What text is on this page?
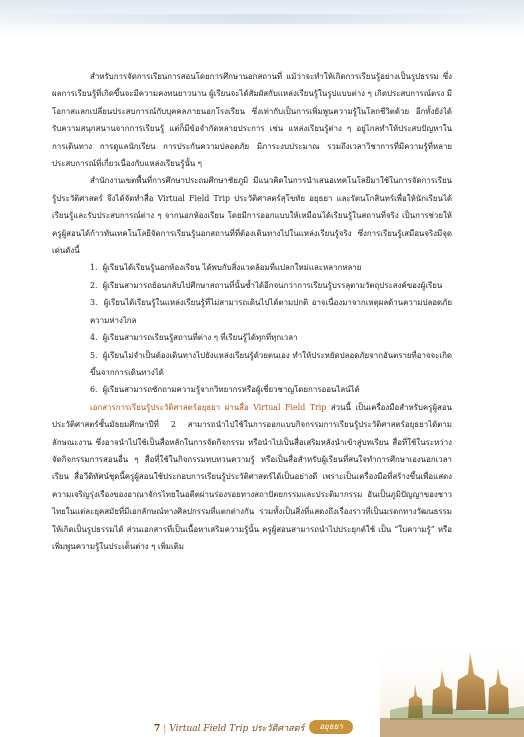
สำหรับการจัดการเรียนการสอนโดยการศึกษานอกสถานที่ แม้ว่าจะทำให้เกิดการเรียนรู้อย่างเป็นรูปธรรม ซึ่งผลการเรียนรู้ที่เกิดขึ้นจะมีความคงทนยาวนาน ผู้เรียนจะได้สัมผัสกับแหล่งเรียนรู้ในรูปแบบต่าง ๆ เกิดประสบการณ์ตรง มีโอกาสแลกเปลี่ยนประสบการณ์กับบุคคลภายนอกโรงเรียน ซึ่งเท่ากับเป็นการเพิ่มพูนความรู้ในโลกชีวิตด้วย อีกทั้งยังได้รับความสนุกสนานจากการเรียนรู้ แต่ก็มีข้อจำกัดหลายประการ เช่น แหล่งเรียนรู้ต่าง ๆ อยู่ไกลทำให้ประสบปัญหาในการเดินทาง การดูแลนักเรียน การประกันความปลอดภัย มีภาระงบประมาณ รวมถึงเวลาวิชาการที่มีความรู้ที่หลายประสบการณ์ที่เกี่ยวเนื่องกับแหล่งเรียนรู้นั้น ๆ

สำนักงานเขตพื้นที่การศึกษาประถมศึกษาชัยภูมิ มีแนวคิดในการนำเสนอเทคโนโลยีมาใช้ในการจัดการเรียนรู้ประวัติศาสตร์ จึงได้จัดทำสื่อ Virtual Field Trip ประวัติศาสตร์สุโขทัย อยุธยา และรัตนโกสินทร์เพื่อให้นักเรียนได้เรียนรู้และรับประสบการณ์ต่าง ๆ จากนอกห้องเรียน โดยมีการออกแบบให้เหมือนได้เรียนรู้ในสถานที่จริง เป็นการช่วยให้ครูผู้สอนได้ก้าวทันเทคโนโลยีจัดการเรียนรู้นอกสถานที่ที่ต้องเดินทางไปในแหล่งเรียนรู้จริง ซึ่งการเรียนรู้เสมือนจริงมีจุดเด่นดังนี้

1. ผู้เรียนได้เรียนรู้นอกห้องเรียน ได้พบกับสิ่งแวดล้อมที่แปลกใหม่และหลากหลาย
2. ผู้เรียนสามารถย้อนกลับไปศึกษาสถานที่นั้นซ้ำได้อีกจนกว่าการเรียนรู้บรรลุตามวัตถุประสงค์ของผู้เรียน
3. ผู้เรียนได้เรียนรู้ในแหล่งเรียนรู้ที่ไม่สามารถเดินไปได้ตามปกติ อาจเนื่องมาจากเหตุผลด้านความปลอดภัย ความห่างไกล
4. ผู้เรียนสามารถเรียนรู้สถานที่ต่าง ๆ ที่เรียนรู้ได้ทุกที่ทุกเวลา
5. ผู้เรียนไม่จำเป็นต้องเดินทางไปยังแหล่งเรียนรู้ด้วยตนเอง ทำให้ประหยัดปลอดภัยจากอันตรายที่อาจจะเกิดขึ้นจากการเดินทางได้
6. ผู้เรียนสามารถซักถามความรู้จากวิทยากรหรือผู้เชี่ยวชาญโดยการออนไลน์ได้

เอกสารการเรียนรู้ประวัติศาสตร์อยุธยา ผ่านสื่อ Virtual Field Trip ส่วนนี้ เป็นเครื่องมือสำหรับครูผู้สอนประวัติศาสตร์ชั้นมัธยมศึกษาปีที่ 2 สามารถนำไปใช้ในการออกแบบกิจกรรมการเรียนรู้ประวัติศาสตร์อยุธยาได้ตามลักษณะงาน ซึ่งอาจนำไปใช้เป็นสื่อหลักในการจัดกิจกรรม หรือนำไปเป็นสื่อเสริมหลังนำเข้าสู่บทเรียน สื่อที่ใช้ในระหว่างจัดกิจกรรมการสอนอื่น ๆ สื่อที่ใช้ในกิจกรรมทบทวนความรู้ หรือเป็นสื่อสำหรับผู้เรียนที่สนใจทำการศึกษาเองนอกเวลาเรียน สื่อวีดิทัศน์ชุดนี้ครูผู้สอนใช้ประกอบการเรียนรู้ประวัติศาสตร์ได้เป็นอย่างดี เพราะเป็นเครื่องมือที่สร้างขึ้นเพื่อแสดงความเจริญรุ่งเรืองของอาณาจักรไทยในอดีตผ่านร่องรอยทางสถาปัตยกรรมและประติมากรรม อันเป็นภูมิปัญญาของชาวไทยในแต่ละยุคสมัยที่มีเอกลักษณ์ทางศิลปกรรมที่แตกต่างกัน รวมทั้งเป็นสิ่งที่แสดงถึงเรื่องราวที่เป็นมรดกทางวัฒนธรรมให้เกิดเป็นรูปธรรมได้ ส่วนเอกสารที่เป็นเนื้อหาเสริมความรู้นั้น ครูผู้สอนสามารถนำไปประยุกต์ใช้ เป็น “ใบความรู้” หรือเพิ่มพูนความรู้ในประเด็นต่าง ๆ เพิ่มเติม

7 | Virtual Field Trip ประวัติศาสตร์	อยุธยา
